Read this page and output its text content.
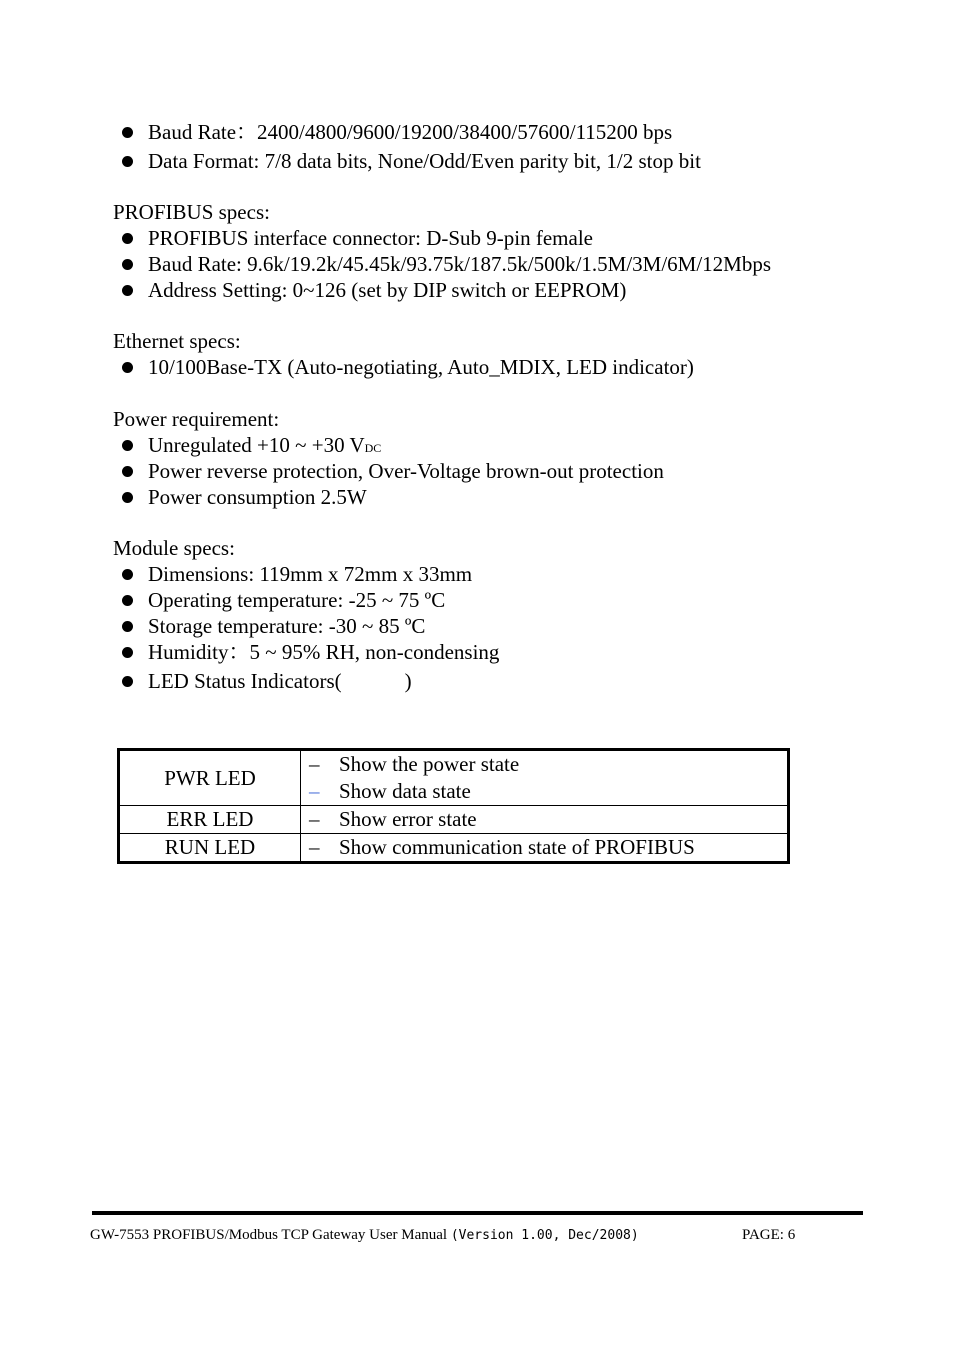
Baud Rate：2400/4800/9600/19200/38400/57600/115200 bps
Data Format: 7/8 data bits, None/Odd/Even parity bit, 1/2 stop bit
PROFIBUS specs:
PROFIBUS interface connector: D-Sub 9-pin female
Baud Rate: 9.6k/19.2k/45.45k/93.75k/187.5k/500k/1.5M/3M/6M/12Mbps
Address Setting: 0~126 (set by DIP switch or EEPROM)
Ethernet specs:
10/100Base-TX (Auto-negotiating, Auto_MDIX, LED indicator)
Power requirement:
Unregulated +10 ~ +30 VDC
Power reverse protection, Over-Voltage brown-out protection
Power consumption 2.5W
Module specs:
Dimensions: 119mm x 72mm x 33mm
Operating temperature: -25 ~ 75 ºC
Storage temperature: -30 ~ 85 ºC
Humidity：5 ~ 95% RH, non-condensing
LED Status Indicators(            )
PWR LED	– Show the power state
– Show data state

ERR LED	– Show error state

RUN LED	– Show communication state of PROFIBUS
GW-7553 PROFIBUS/Modbus TCP Gateway User Manual (Version 1.00, Dec/2008)	PAGE: 6
